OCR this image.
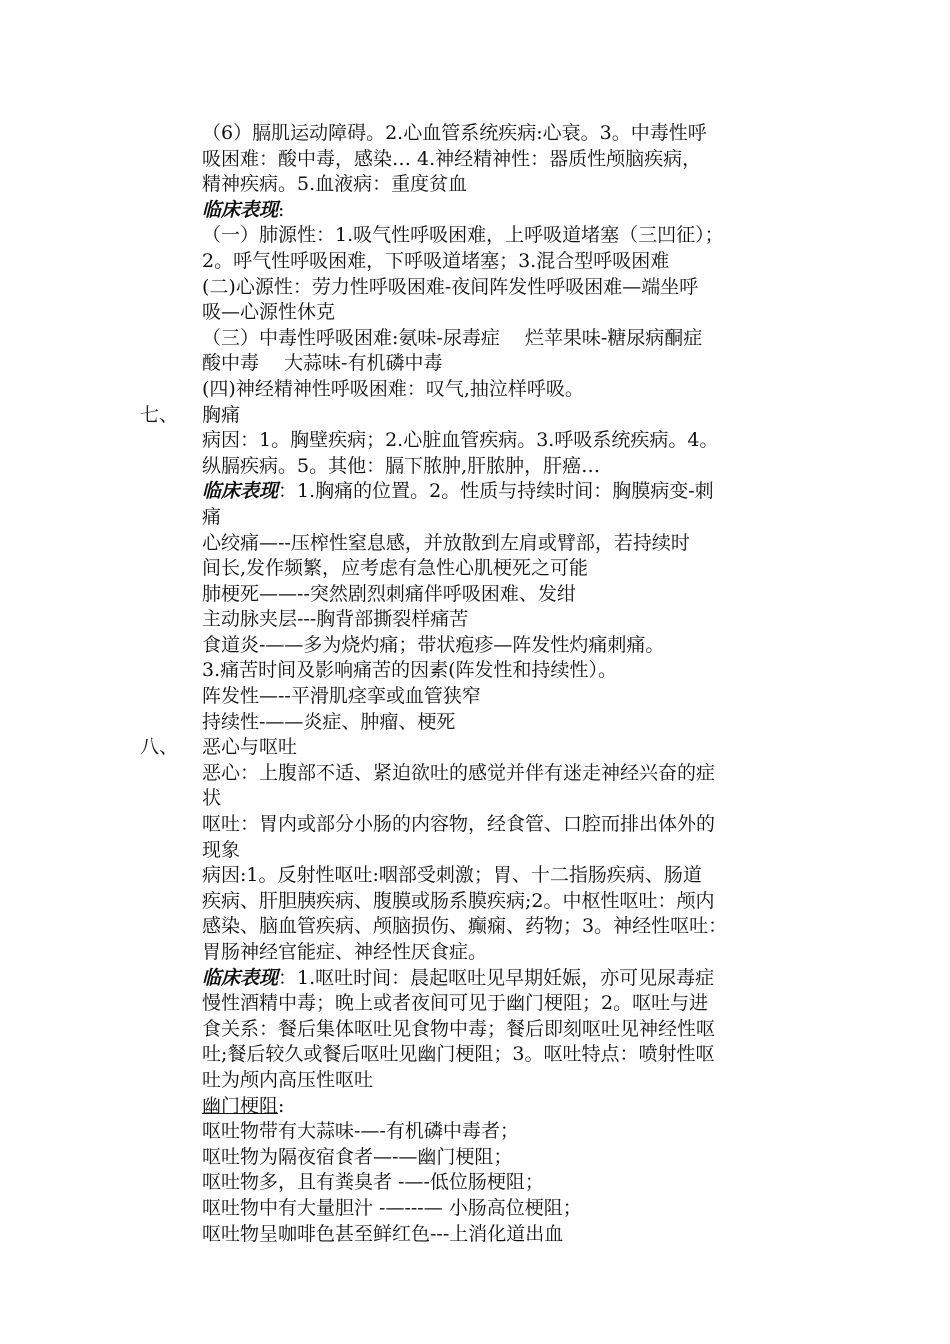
（6）膈肌运动障碍。2.心血管系统疾病:心衰。3。中毒性呼
吸困难：酸中毒，感染… 4.神经精神性：器质性颅脑疾病，
精神疾病。5.血液病：重度贫血
临床表现:
（一）肺源性：1.吸气性呼吸困难，上呼吸道堵塞（三凹征）；
2。呼气性呼吸困难，下呼吸道堵塞；3.混合型呼吸困难
(二)心源性：劳力性呼吸困难-夜间阵发性呼吸困难—端坐呼
吸—心源性休克
（三）中毒性呼吸困难:氨味-尿毒症　 烂苹果味-糖尿病酮症
酸中毒　 大蒜味-有机磷中毒
(四)神经精神性呼吸困难：叹气,抽泣样呼吸。
七、 胸痛
病因：1。胸壁疾病；2.心脏血管疾病。3.呼吸系统疾病。4。
纵膈疾病。5。其他：膈下脓肿,肝脓肿，肝癌…
临床表现：1.胸痛的位置。2。性质与持续时间：胸膜病变-刺
痛
心绞痛—--压榨性窒息感，并放散到左肩或臂部，若持续时
间长,发作频繁，应考虑有急性心肌梗死之可能
肺梗死——--突然剧烈刺痛伴呼吸困难、发绀
主动脉夹层---胸背部撕裂样痛苦
食道炎-——多为烧灼痛；带状疱疹—阵发性灼痛刺痛。
3.痛苦时间及影响痛苦的因素(阵发性和持续性）。
阵发性—--平滑肌痉挛或血管狭窄
持续性-——炎症、肿瘤、梗死
八、 恶心与呕吐
恶心：上腹部不适、紧迫欲吐的感觉并伴有迷走神经兴奋的症
状
呕吐：胃内或部分小肠的内容物，经食管、口腔而排出体外的
现象
病因:1。反射性呕吐:咽部受刺激；胃、十二指肠疾病、肠道
疾病、肝胆胰疾病、腹膜或肠系膜疾病;2。中枢性呕吐：颅内
感染、脑血管疾病、颅脑损伤、癫痫、药物；3。神经性呕吐：
胃肠神经官能症、神经性厌食症。
临床表现：1.呕吐时间：晨起呕吐见早期妊娠，亦可见尿毒症
慢性酒精中毒；晚上或者夜间可见于幽门梗阻；2。呕吐与进
食关系：餐后集体呕吐见食物中毒；餐后即刻呕吐见神经性呕
吐;餐后较久或餐后呕吐见幽门梗阻；3。呕吐特点：喷射性呕
吐为颅内高压性呕吐
幽门梗阻:
呕吐物带有大蒜味-—-有机磷中毒者；
呕吐物为隔夜宿食者—-—幽门梗阻；
呕吐物多，且有粪臭者 -—-低位肠梗阻；
呕吐物中有大量胆汁 -—---— 小肠高位梗阻；
呕吐物呈咖啡色甚至鲜红色---上消化道出血
